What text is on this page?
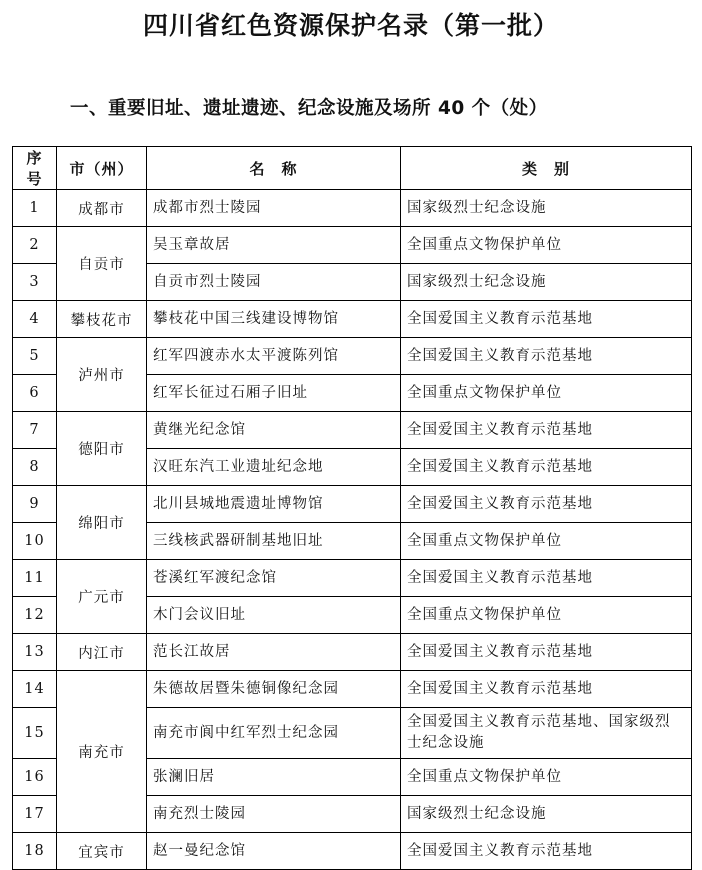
四川省红色资源保护名录（第一批）
一、重要旧址、遗址遗迹、纪念设施及场所 40 个（处）
序号	市（州）	名　称	类　别
1	成都市	成都市烈士陵园	国家级烈士纪念设施
2	自贡市	吴玉章故居	全国重点文物保护单位
3		自贡市烈士陵园	国家级烈士纪念设施
4	攀枝花市	攀枝花中国三线建设博物馆	全国爱国主义教育示范基地
5	泸州市	红军四渡赤水太平渡陈列馆	全国爱国主义教育示范基地
6		红军长征过石厢子旧址	全国重点文物保护单位
7	德阳市	黄继光纪念馆	全国爱国主义教育示范基地
8		汉旺东汽工业遗址纪念地	全国爱国主义教育示范基地
9	绵阳市	北川县城地震遗址博物馆	全国爱国主义教育示范基地
10		三线核武器研制基地旧址	全国重点文物保护单位
11	广元市	苍溪红军渡纪念馆	全国爱国主义教育示范基地
12		木门会议旧址	全国重点文物保护单位
13	内江市	范长江故居	全国爱国主义教育示范基地
14	南充市	朱德故居暨朱德铜像纪念园	全国爱国主义教育示范基地
15		南充市阆中红军烈士纪念园	全国爱国主义教育示范基地、国家级烈士纪念设施
16		张澜旧居	全国重点文物保护单位
17		南充烈士陵园	国家级烈士纪念设施
18	宜宾市	赵一曼纪念馆	全国爱国主义教育示范基地
